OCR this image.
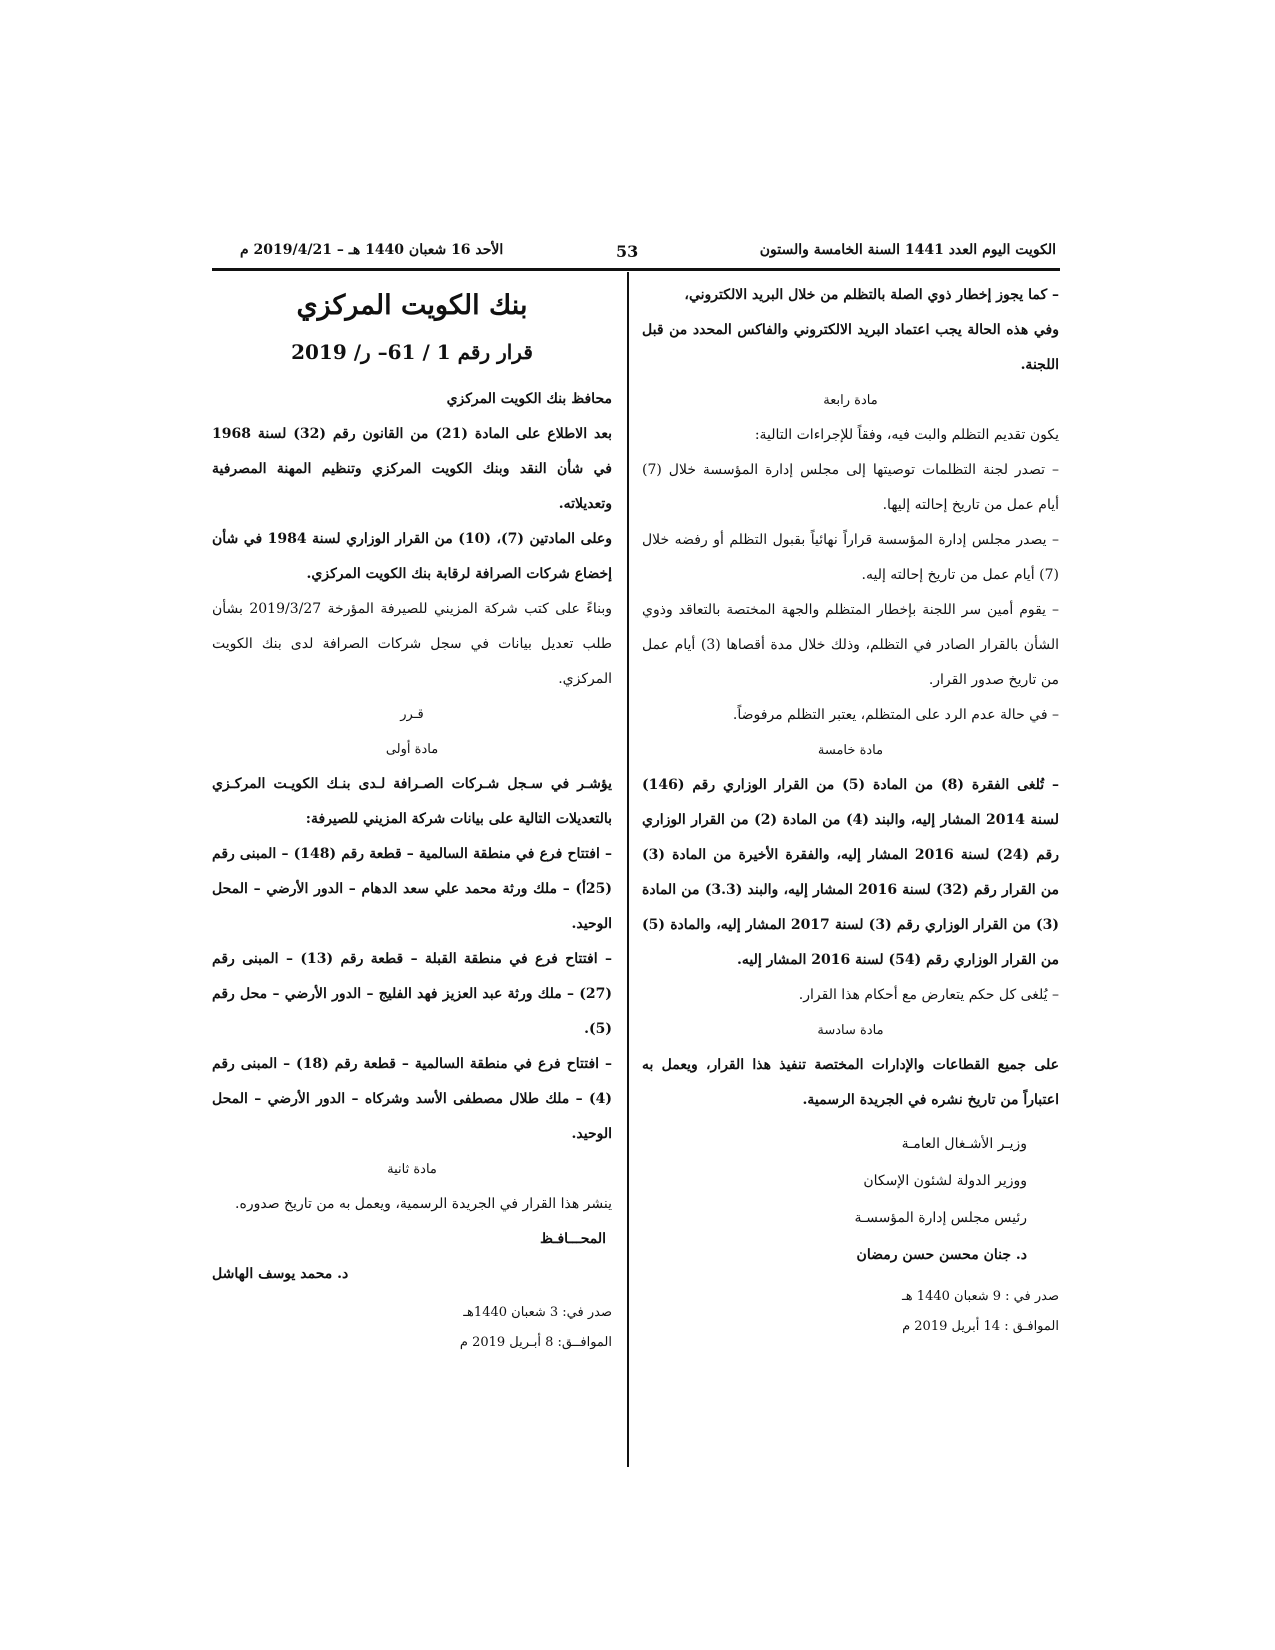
الكويت اليوم العدد 1441 السنة الخامسة والستون
53
الأحد 16 شعبان 1440 هـ – 2019/4/21 م

– كما يجوز إخطار ذوي الصلة بالتظلم من خلال البريد الالكتروني،

وفي هذه الحالة يجب اعتماد البريد الالكتروني والفاكس المحدد من قبل اللجنة.

مادة رابعة

يكون تقديم التظلم والبت فيه، وفقاً للإجراءات التالية:

– تصدر لجنة التظلمات توصيتها إلى مجلس إدارة المؤسسة خلال (7) أيام عمل من تاريخ إحالته إليها.

– يصدر مجلس إدارة المؤسسة قراراً نهائياً بقبول التظلم أو رفضه خلال (7) أيام عمل من تاريخ إحالته إليه.

– يقوم أمين سر اللجنة بإخطار المتظلم والجهة المختصة بالتعاقد وذوي الشأن بالقرار الصادر في التظلم، وذلك خلال مدة أقصاها (3) أيام عمل من تاريخ صدور القرار.

– في حالة عدم الرد على المتظلم، يعتبر التظلم مرفوضاً.

مادة خامسة

– تُلغى الفقرة (8) من المادة (5) من القرار الوزاري رقم (146) لسنة 2014 المشار إليه، والبند (4) من المادة (2) من القرار الوزاري رقم (24) لسنة 2016 المشار إليه، والفقرة الأخيرة من المادة (3) من القرار رقم (32) لسنة 2016 المشار إليه، والبند (3.3) من المادة (3) من القرار الوزاري رقم (3) لسنة 2017 المشار إليه، والمادة (5) من القرار الوزاري رقم (54) لسنة 2016 المشار إليه.

– يُلغى كل حكم يتعارض مع أحكام هذا القرار.

مادة سادسة

على جميع القطاعات والإدارات المختصة تنفيذ هذا القرار، ويعمل به اعتباراً من تاريخ نشره في الجريدة الرسمية.

وزيـر الأشـغال العامـة

ووزير الدولة لشئون الإسكان

رئيس مجلس إدارة المؤسسـة

د. جنان محسن حسن رمضان

صدر في : 9 شعبان 1440 هـ

الموافـق : 14 أبريل 2019 م

بنك الكويت المركزي

قرار رقم 1 / 61– ر/ 2019

محافظ بنك الكويت المركزي

بعد الاطلاع على المادة (21) من القانون رقم (32) لسنة 1968 في شأن النقد وبنك الكويت المركزي وتنظيم المهنة المصرفية وتعديلاته.

وعلى المادتين (7)، (10) من القرار الوزاري لسنة 1984 في شأن إخضاع شركات الصرافة لرقابة بنك الكويت المركزي.

وبناءً على كتب شركة المزيني للصيرفة المؤرخة 2019/3/27 بشأن طلب تعديل بيانات في سجل شركات الصرافة لدى بنك الكويت المركزي.

قـرر

مادة أولى

يؤشـر في سـجل شـركات الصـرافة لـدى بنـك الكويـت المركـزي بالتعديلات التالية على بيانات شركة المزيني للصيرفة:

– افتتاح فرع في منطقة السالمية – قطعة رقم (148) – المبنى رقم (25أ) – ملك ورثة محمد علي سعد الدهام – الدور الأرضي – المحل الوحيد.

– افتتاح فرع في منطقة القبلة – قطعة رقم (13) – المبنى رقم (27) – ملك ورثة عبد العزيز فهد الفليج – الدور الأرضي – محل رقم (5).

– افتتاح فرع في منطقة السالمية – قطعة رقم (18) – المبنى رقم (4) – ملك طلال مصطفى الأسد وشركاه – الدور الأرضي – المحل الوحيد.

مادة ثانية

ينشر هذا القرار في الجريدة الرسمية، ويعمل به من تاريخ صدوره.

المحـــافـظ

د. محمد يوسف الهاشل

صدر في: 3 شعبان 1440هـ

الموافــق: 8 أبـريل 2019 م
